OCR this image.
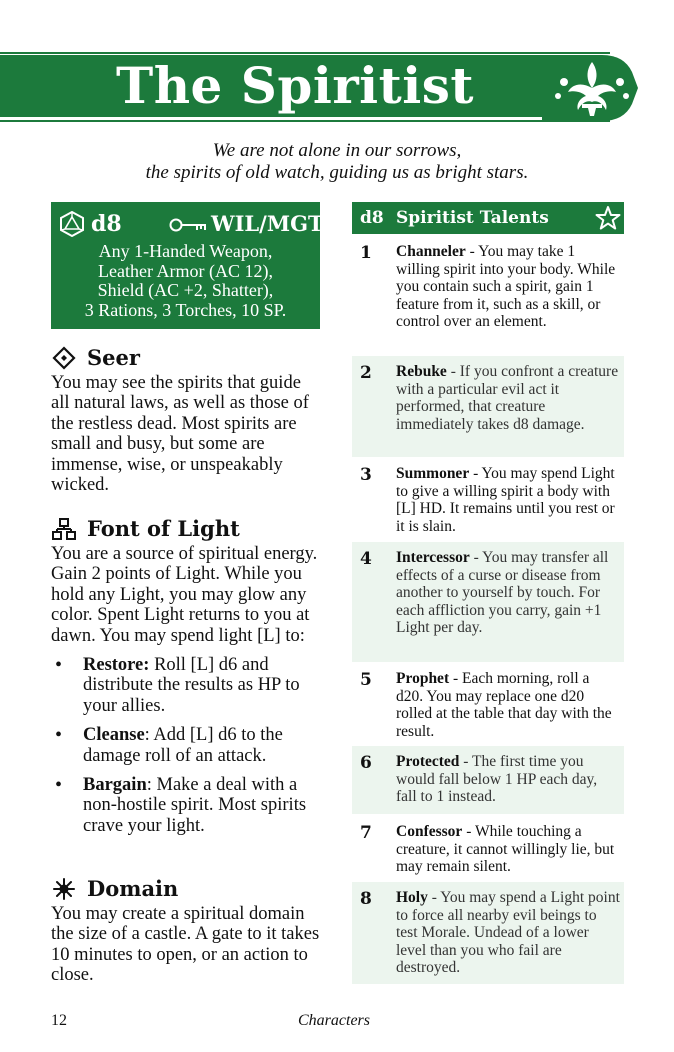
The Spiritist
We are not alone in our sorrows,
the spirits of old watch, guiding us as bright stars.
d8	WIL/MGT
Any 1-Handed Weapon,
Leather Armor (AC 12),
Shield (AC +2, Shatter),
3 Rations, 3 Torches, 10 SP.
Seer
You may see the spirits that guide all natural laws, as well as those of the restless dead. Most spirits are small and busy, but some are immense, wise, or unspeakably wicked.
Font of Light
You are a source of spiritual energy. Gain 2 points of Light. While you hold any Light, you may glow any color. Spent Light returns to you at dawn. You may spend light [L] to:
• Restore: Roll [L] d6 and distribute the results as HP to your allies.
• Cleanse: Add [L] d6 to the damage roll of an attack.
• Bargain: Make a deal with a non-hostile spirit. Most spirits crave your light.
Domain
You may create a spiritual domain the size of a castle. A gate to it takes 10 minutes to open, or an action to close.
d8 Spiritist Talents
1 Channeler - You may take 1 willing spirit into your body. While you contain such a spirit, gain 1 feature from it, such as a skill, or control over an element.
2 Rebuke - If you confront a creature with a particular evil act it performed, that creature immediately takes d8 damage.
3 Summoner - You may spend Light to give a willing spirit a body with [L] HD. It remains until you rest or it is slain.
4 Intercessor - You may transfer all effects of a curse or disease from another to yourself by touch. For each affliction you carry, gain +1 Light per day.
5 Prophet - Each morning, roll a d20. You may replace one d20 rolled at the table that day with the result.
6 Protected - The first time you would fall below 1 HP each day, fall to 1 instead.
7 Confessor - While touching a creature, it cannot willingly lie, but may remain silent.
8 Holy - You may spend a Light point to force all nearby evil beings to test Morale. Undead of a lower level than you who fail are destroyed.
12	Characters
